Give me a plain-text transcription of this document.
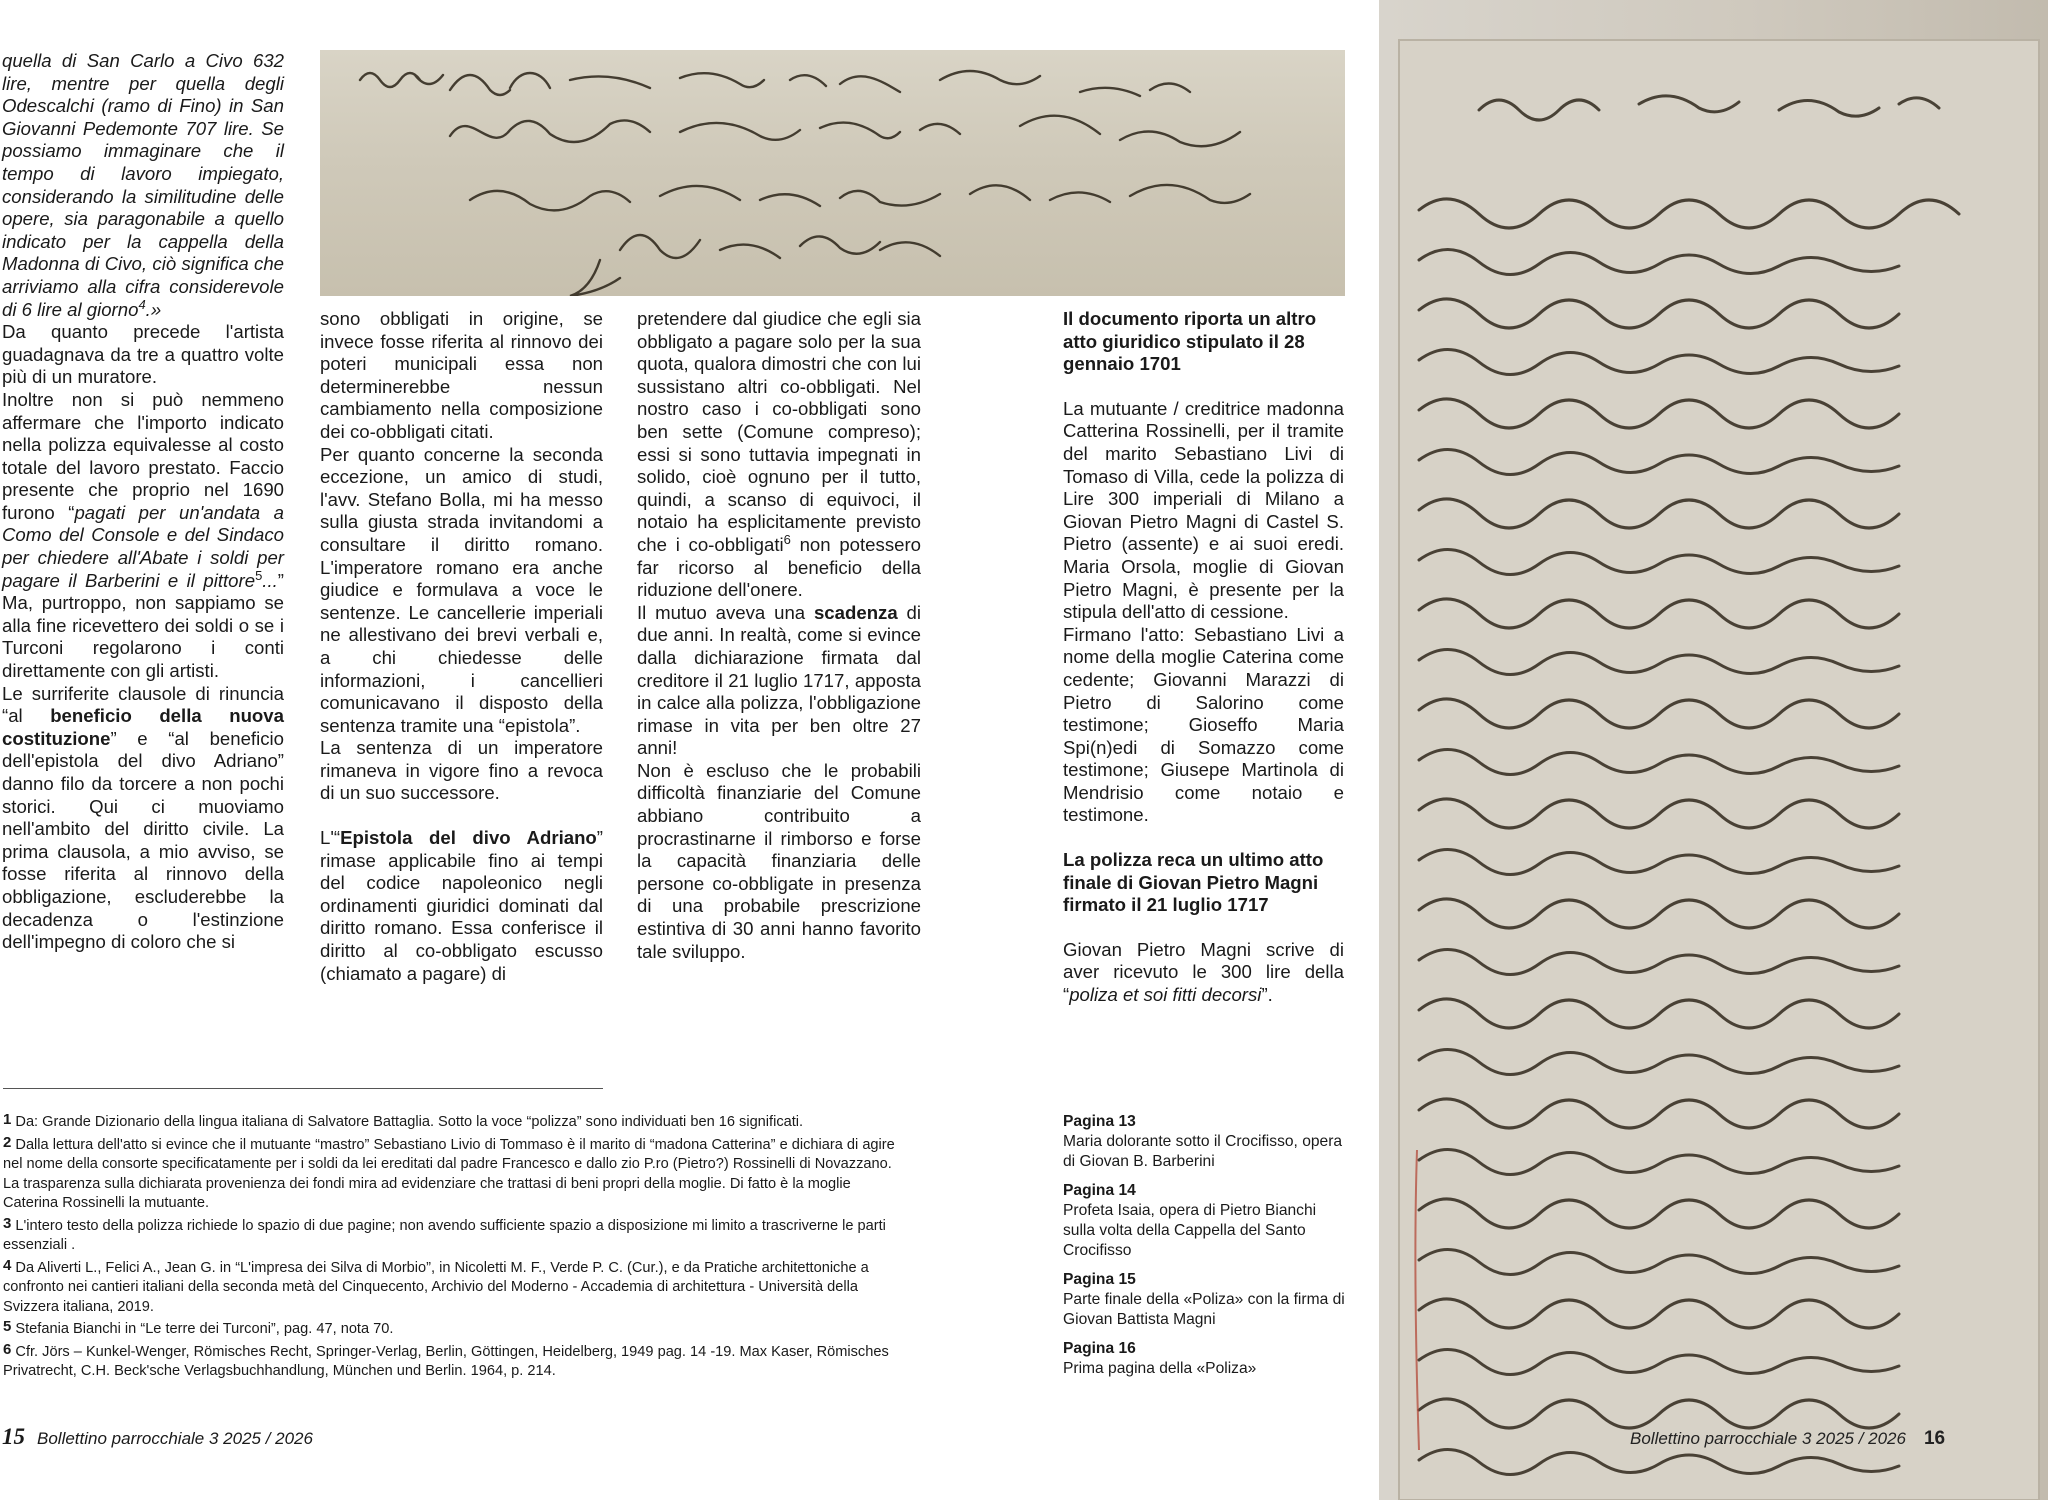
quella di San Carlo a Civo 632 lire, mentre per quella degli Odescalchi (ramo di Fino) in San Giovanni Pedemonte 707 lire. Se possiamo immaginare che il tempo di lavoro impiegato, considerando la similitudine delle opere, sia paragonabile a quello indicato per la cappella della Madonna di Civo, ciò significa che arriviamo alla cifra considerevole di 6 lire al giorno$^4$.»

Da quanto precede l'artista guadagnava da tre a quattro volte più di un muratore.

Inoltre non si può nemmeno affermare che l'importo indicato nella polizza equivalesse al costo totale del lavoro prestato. Faccio presente che proprio nel 1690 furono “pagati per un'andata a Como del Console e del Sindaco per chiedere all'Abate i soldi per pagare il Barberini e il pittore$^5$...” Ma, purtroppo, non sappiamo se alla fine ricevettero dei soldi o se i Turconi regolarono i conti direttamente con gli artisti.

Le surriferite clausole di rinuncia “al beneficio della nuova costituzione” e “al beneficio dell'epistola del divo Adriano” danno filo da torcere a non pochi storici. Qui ci muoviamo nell'ambito del diritto civile. La prima clausola, a mio avviso, se fosse riferita al rinnovo della obbligazione, escluderebbe la decadenza o l'estinzione dell'impegno di coloro che si

sono obbligati in origine, se invece fosse riferita al rinnovo dei poteri municipali essa non determinerebbe nessun cambiamento nella composizione dei co-obbligati citati.

Per quanto concerne la seconda eccezione, un amico di studi, l'avv. Stefano Bolla, mi ha messo sulla giusta strada invitandomi a consultare il diritto romano. L'imperatore romano era anche giudice e formulava a voce le sentenze. Le cancellerie imperiali ne allestivano dei brevi verbali e, a chi chiedesse delle informazioni, i cancellieri comunicavano il disposto della sentenza tramite una “epistola”.

La sentenza di un imperatore rimaneva in vigore fino a revoca di un suo successore.

L'“Epistola del divo Adriano” rimase applicabile fino ai tempi del codice napoleonico negli ordinamenti giuridici dominati dal diritto romano. Essa conferisce il diritto al co-obbligato escusso (chiamato a pagare) di

pretendere dal giudice che egli sia obbligato a pagare solo per la sua quota, qualora dimostri che con lui sussistano altri co-obbligati. Nel nostro caso i co-obbligati sono ben sette (Comune compreso); essi si sono tuttavia impegnati in solido, cioè ognuno per il tutto, quindi, a scanso di equivoci, il notaio ha esplicitamente previsto che i co-obbligati$^6$ non potessero far ricorso al beneficio della riduzione dell'onere.

Il mutuo aveva una scadenza di due anni. In realtà, come si evince dalla dichiarazione firmata dal creditore il 21 luglio 1717, apposta in calce alla polizza, l'obbligazione rimase in vita per ben oltre 27 anni!

Non è escluso che le probabili difficoltà finanziarie del Comune abbiano contribuito a procrastinarne il rimborso e forse la capacità finanziaria delle persone co-obbligate in presenza di una probabile prescrizione estintiva di 30 anni hanno favorito tale sviluppo.

Il documento riporta un altro atto giuridico stipulato il 28 gennaio 1701

La mutuante / creditrice madonna Catterina Rossinelli, per il tramite del marito Sebastiano Livi di Tomaso di Villa, cede la polizza di Lire 300 imperiali di Milano a Giovan Pietro Magni di Castel S. Pietro (assente) e ai suoi eredi. Maria Orsola, moglie di Giovan Pietro Magni, è presente per la stipula dell'atto di cessione.

Firmano l'atto: Sebastiano Livi a nome della moglie Caterina come cedente; Giovanni Marazzi di Pietro di Salorino come testimone; Gioseffo Maria Spi(n)edi di Somazzo come testimone; Giusepe Martinola di Mendrisio come notaio e testimone.

La polizza reca un ultimo atto finale di Giovan Pietro Magni firmato il 21 luglio 1717

Giovan Pietro Magni scrive di aver ricevuto le 300 lire della “poliza et soi fitti decorsi”.

1 Da: Grande Dizionario della lingua italiana di Salvatore Battaglia. Sotto la voce “polizza” sono individuati ben 16 significati.

2 Dalla lettura dell'atto si evince che il mutuante “mastro” Sebastiano Livio di Tommaso è il marito di “madona Catterina” e dichiara di agire nel nome della consorte specificatamente per i soldi da lei ereditati dal padre Francesco e dallo zio P.ro (Pietro?) Rossinelli di Novazzano. La trasparenza sulla dichiarata provenienza dei fondi mira ad evidenziare che trattasi di beni propri della moglie. Di fatto è la moglie Caterina Rossinelli la mutuante.

3 L'intero testo della polizza richiede lo spazio di due pagine; non avendo sufficiente spazio a disposizione mi limito a trascriverne le parti essenziali .

4 Da Aliverti L., Felici A., Jean G. in “L'impresa dei Silva di Morbio”, in Nicoletti M. F., Verde P. C. (Cur.), e da Pratiche architettoniche a confronto nei cantieri italiani della seconda metà del Cinquecento, Archivio del Moderno - Accademia di architettura - Università della Svizzera italiana, 2019.

5 Stefania Bianchi in “Le terre dei Turconi”, pag. 47, nota 70.

6 Cfr. Jörs – Kunkel-Wenger, Römisches Recht, Springer-Verlag, Berlin, Göttingen, Heidelberg, 1949 pag. 14 -19. Max Kaser, Römisches Privatrecht, C.H. Beck'sche Verlagsbuchhandlung, München und Berlin. 1964, p. 214.

Pagina 13
Maria dolorante sotto il Crocifisso, opera di Giovan B. Barberini

Pagina 14
Profeta Isaia, opera di Pietro Bianchi sulla volta della Cappella del Santo Crocifisso

Pagina 15
Parte finale della «Poliza» con la firma di Giovan Battista Magni

Pagina 16
Prima pagina della «Poliza»

15 Bollettino parrocchiale 3 2025 / 2026	Bollettino parrocchiale 3 2025 / 2026 16
